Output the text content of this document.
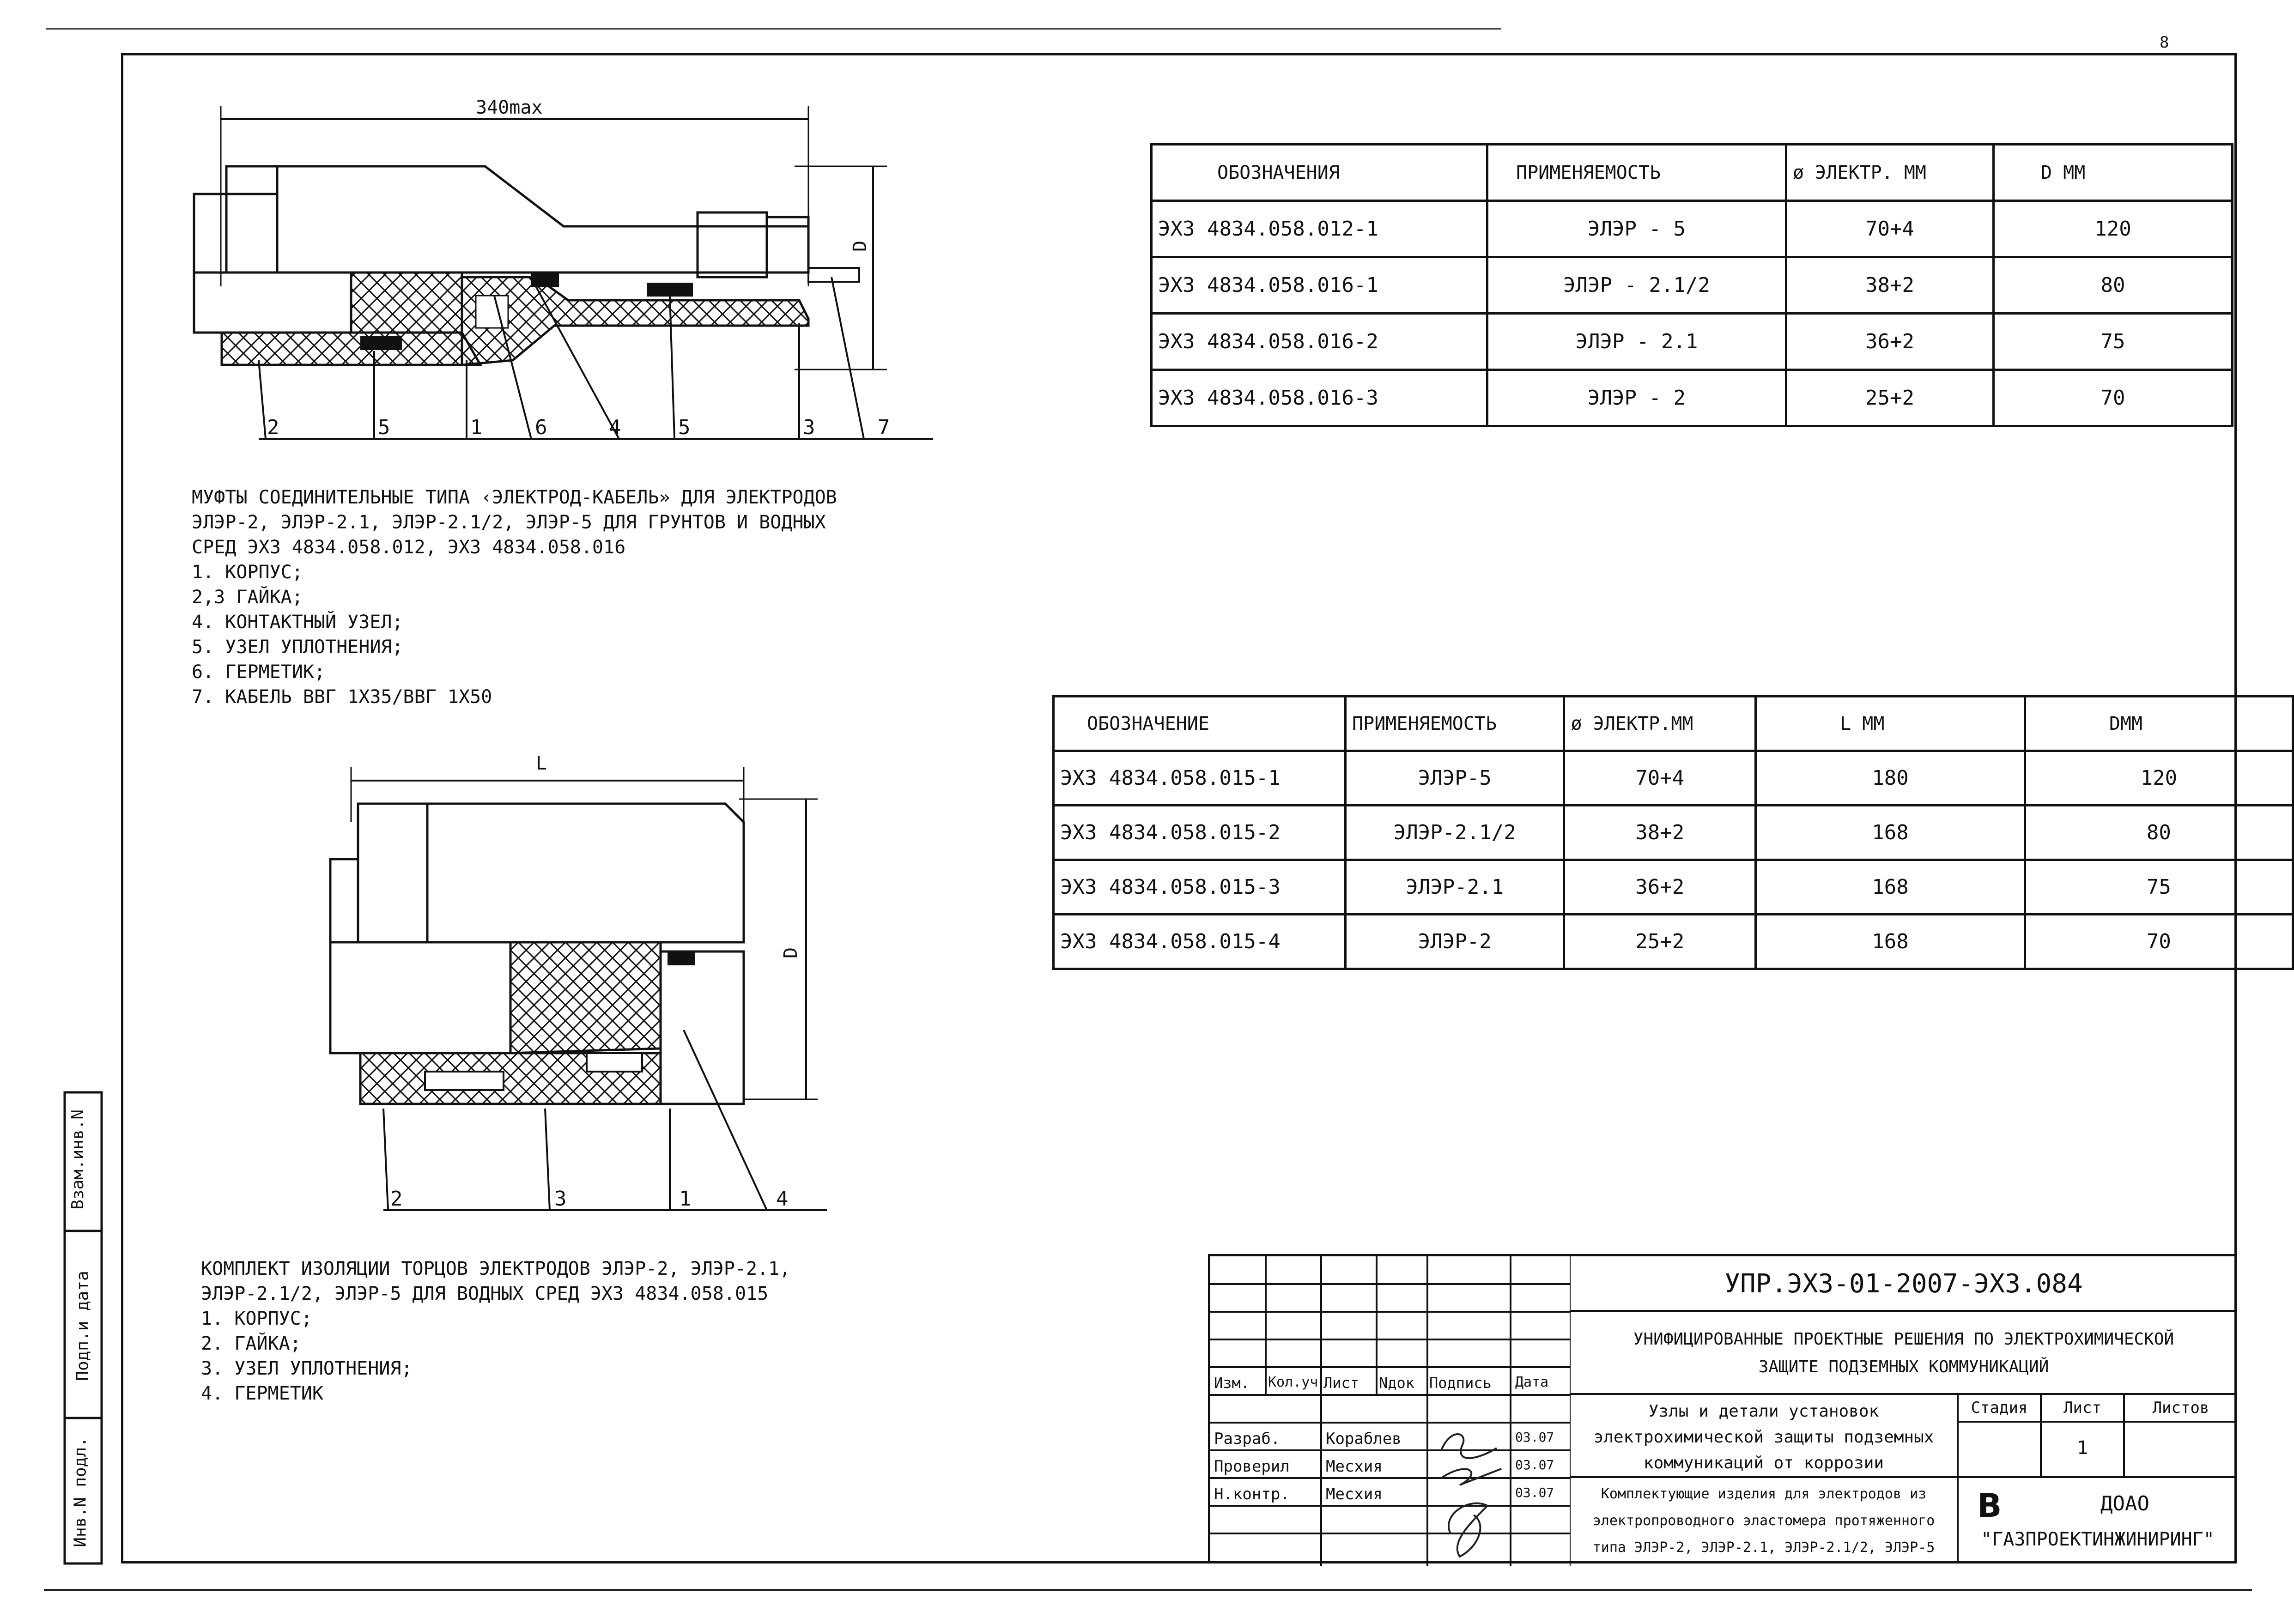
8
340max
D
2	5	1	6	4	5	3	7
МУФТЫ СОЕДИНИТЕЛЬНЫЕ ТИПА ‹ЭЛЕКТРОД-КАБЕЛЬ» ДЛЯ ЭЛЕКТРОДОВ
ЭЛЭР-2, ЭЛЭР-2.1, ЭЛЭР-2.1/2, ЭЛЭР-5 ДЛЯ ГРУНТОВ И ВОДНЫХ
СРЕД ЭХЗ 4834.058.012, ЭХЗ 4834.058.016
1. КОРПУС;
2,3 ГАЙКА;
4. КОНТАКТНЫЙ УЗЕЛ;
5. УЗЕЛ УПЛОТНЕНИЯ;
6. ГЕРМЕТИК;
7. КАБЕЛЬ ВВГ 1Х35/ВВГ 1Х50
ОБОЗНАЧЕНИЯ	ПРИМЕНЯЕМОСТЬ	ø ЭЛЕКТР. ММ	D ММ
ЭХЗ 4834.058.012-1	ЭЛЭР - 5	70+4	120
ЭХЗ 4834.058.016-1	ЭЛЭР - 2.1/2	38+2	80
ЭХЗ 4834.058.016-2	ЭЛЭР - 2.1	36+2	75
ЭХЗ 4834.058.016-3	ЭЛЭР - 2	25+2	70
L
D
2	3	1	4
КОМПЛЕКТ ИЗОЛЯЦИИ ТОРЦОВ ЭЛЕКТРОДОВ ЭЛЭР-2, ЭЛЭР-2.1,
ЭЛЭР-2.1/2, ЭЛЭР-5 ДЛЯ ВОДНЫХ СРЕД ЭХЗ 4834.058.015
1. КОРПУС;
2. ГАЙКА;
3. УЗЕЛ УПЛОТНЕНИЯ;
4. ГЕРМЕТИК
ОБОЗНАЧЕНИЕ	ПРИМЕНЯЕМОСТЬ	ø ЭЛЕКТР.ММ	L ММ	DММ
ЭХЗ 4834.058.015-1	ЭЛЭР-5	70+4	180	120
ЭХЗ 4834.058.015-2	ЭЛЭР-2.1/2	38+2	168	80
ЭХЗ 4834.058.015-3	ЭЛЭР-2.1	36+2	168	75
ЭХЗ 4834.058.015-4	ЭЛЭР-2	25+2	168	70
Взам.инв.N
Подп.и дата
Инв.N подл.
Изм. Кол.уч Лист Nдок Подпись Дата
Разраб.	Кораблев	03.07
Проверил Месхия	03.07
Н.контр. Месхия	03.07
УПР.ЭХЗ-01-2007-ЭХЗ.084
УНИФИЦИРОВАННЫЕ ПРОЕКТНЫЕ РЕШЕНИЯ ПО ЭЛЕКТРОХИМИЧЕСКОЙ
ЗАЩИТЕ ПОДЗЕМНЫХ КОММУНИКАЦИЙ
Узлы и детали установок
электрохимической защиты подземных
коммуникаций от коррозии
Комплектующие изделия для электродов из
электропроводного эластомера протяженного
типа ЭЛЭР-2, ЭЛЭР-2.1, ЭЛЭР-2.1/2, ЭЛЭР-5
Стадия	Лист	Листов
1
B	ДОАО
"ГАЗПРОЕКТИНЖИНИРИНГ"
